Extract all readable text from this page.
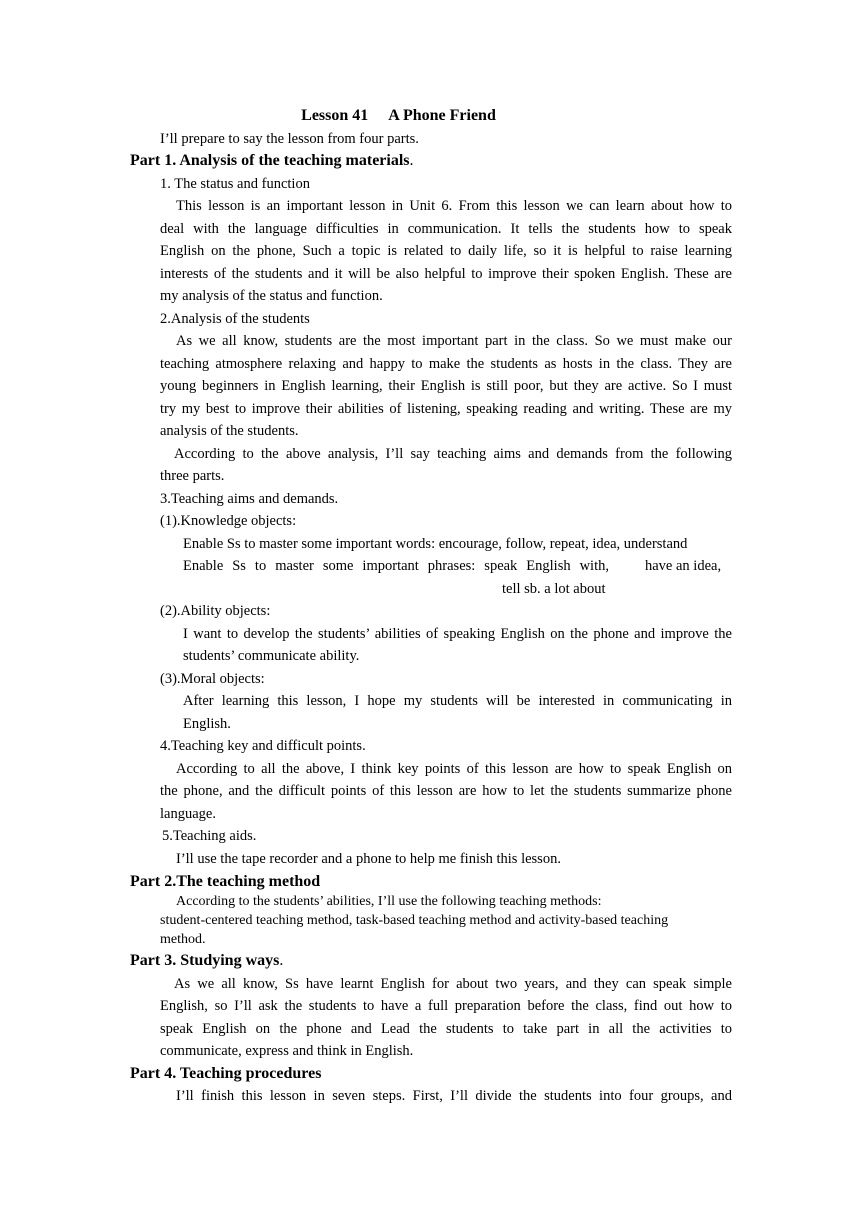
Lesson 41 A Phone Friend
I’ll prepare to say the lesson from four parts.
Part 1. Analysis of the teaching materials.
1. The status and function
This lesson is an important lesson in Unit 6. From this lesson we can learn about how to
deal with the language difficulties in communication. It tells the students how to speak
English on the phone, Such a topic is related to daily life, so it is helpful to raise learning
interests of the students and it will be also helpful to improve their spoken English. These are
my analysis of the status and function.
2.Analysis of the students
As we all know, students are the most important part in the class. So we must make our
teaching atmosphere relaxing and happy to make the students as hosts in the class. They are
young beginners in English learning, their English is still poor, but they are active. So I must
try my best to improve their abilities of listening, speaking reading and writing. These are my
analysis of the students.
According to the above analysis, I’ll say teaching aims and demands from the following
three parts.
3.Teaching aims and demands.
(1).Knowledge objects:
Enable Ss to master some important words: encourage, follow, repeat, idea, understand
Enable Ss to master some important phrases: speak English with, have an idea,
tell sb. a lot about
(2).Ability objects:
I want to develop the students’ abilities of speaking English on the phone and improve the
students’ communicate ability.
(3).Moral objects:
After learning this lesson, I hope my students will be interested in communicating in
English.
4.Teaching key and difficult points.
According to all the above, I think key points of this lesson are how to speak English on
the phone, and the difficult points of this lesson are how to let the students summarize phone
language.
5.Teaching aids.
I’ll use the tape recorder and a phone to help me finish this lesson.
Part 2.The teaching method
According to the students’ abilities, I’ll use the following teaching methods:
student-centered teaching method, task-based teaching method and activity-based teaching
method.
Part 3. Studying ways.
As we all know, Ss have learnt English for about two years, and they can speak simple
English, so I’ll ask the students to have a full preparation before the class, find out how to
speak English on the phone and Lead the students to take part in all the activities to
communicate, express and think in English.
Part 4. Teaching procedures
I’ll finish this lesson in seven steps. First, I’ll divide the students into four groups, and
